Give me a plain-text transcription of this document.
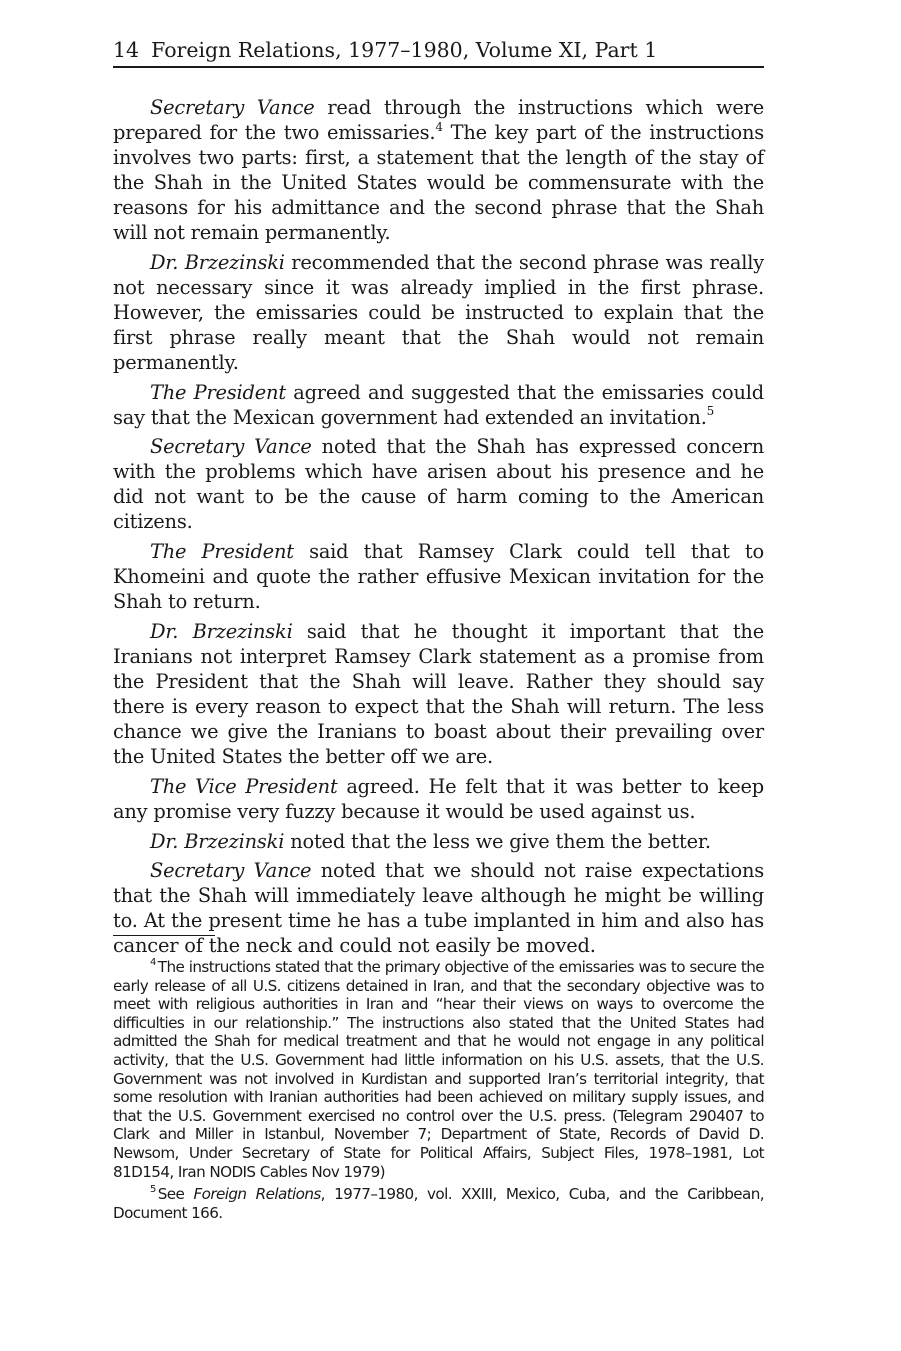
14 Foreign Relations, 1977–1980, Volume XI, Part 1

Secretary Vance read through the instructions which were prepared for the two emissaries.$^4$ The key part of the instructions involves two parts: first, a statement that the length of the stay of the Shah in the United States would be commensurate with the reasons for his admittance and the second phrase that the Shah will not remain permanently.

Dr. Brzezinski recommended that the second phrase was really not necessary since it was already implied in the first phrase. However, the emissaries could be instructed to explain that the first phrase really meant that the Shah would not remain permanently.

The President agreed and suggested that the emissaries could say that the Mexican government had extended an invitation.$^5$

Secretary Vance noted that the Shah has expressed concern with the problems which have arisen about his presence and he did not want to be the cause of harm coming to the American citizens.

The President said that Ramsey Clark could tell that to Khomeini and quote the rather effusive Mexican invitation for the Shah to return.

Dr. Brzezinski said that he thought it important that the Iranians not interpret Ramsey Clark statement as a promise from the President that the Shah will leave. Rather they should say there is every reason to expect that the Shah will return. The less chance we give the Iranians to boast about their prevailing over the United States the better off we are.

The Vice President agreed. He felt that it was better to keep any promise very fuzzy because it would be used against us.

Dr. Brzezinski noted that the less we give them the better.

Secretary Vance noted that we should not raise expectations that the Shah will immediately leave although he might be willing to. At the present time he has a tube implanted in him and also has cancer of the neck and could not easily be moved.

$^4$ The instructions stated that the primary objective of the emissaries was to secure the early release of all U.S. citizens detained in Iran, and that the secondary objective was to meet with religious authorities in Iran and “hear their views on ways to overcome the difficulties in our relationship.” The instructions also stated that the United States had admitted the Shah for medical treatment and that he would not engage in any political activity, that the U.S. Government had little information on his U.S. assets, that the U.S. Government was not involved in Kurdistan and supported Iran’s territorial integrity, that some resolution with Iranian authorities had been achieved on military supply issues, and that the U.S. Government exercised no control over the U.S. press. (Telegram 290407 to Clark and Miller in Istanbul, November 7; Department of State, Records of David D. Newsom, Under Secretary of State for Political Affairs, Subject Files, 1978–1981, Lot 81D154, Iran NODIS Cables Nov 1979)

$^5$ See Foreign Relations, 1977–1980, vol. XXIII, Mexico, Cuba, and the Caribbean, Document 166.
